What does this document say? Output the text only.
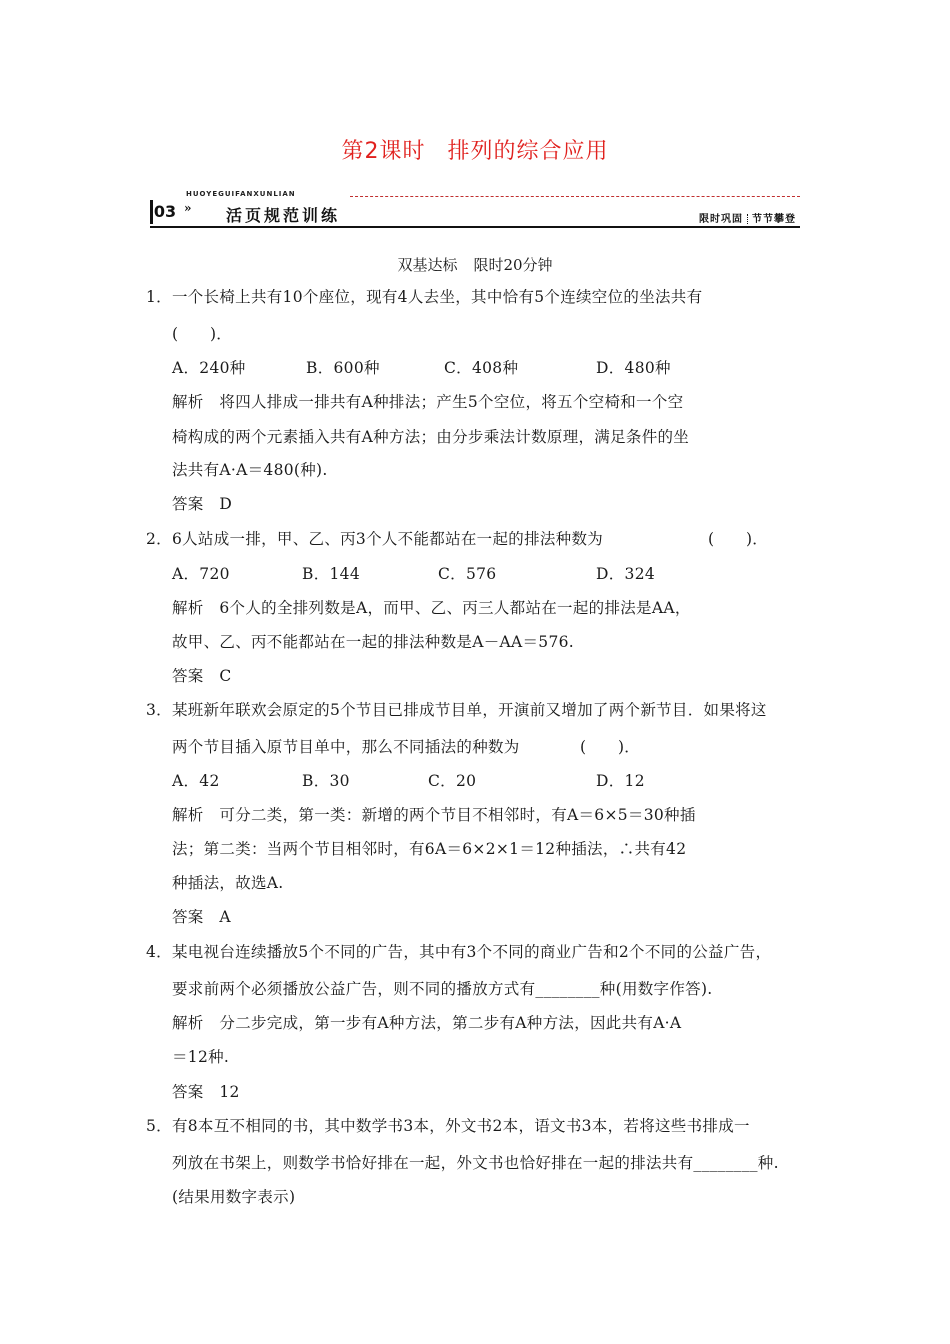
第2课时 排列的综合应用
HUOYEGUIFANXUNLIAN
03 » 活页规范训练	限时巩固 节节攀登
双基达标 限时20分钟
1．一个长椅上共有10个座位，现有4人去坐，其中恰有5个连续空位的坐法共有
(　　)．
A．240种	B．600种	C．408种	D．480种
解析　将四人排成一排共有A种排法；产生5个空位，将五个空椅和一个空
椅构成的两个元素插入共有A种方法；由分步乘法计数原理，满足条件的坐
法共有A·A＝480(种).
答案　D
2．6人站成一排，甲、乙、丙3个人不能都站在一起的排法种数为	(　　)．
A．720	B．144	C．576	D．324
解析　6个人的全排列数是A，而甲、乙、丙三人都站在一起的排法是AA，
故甲、乙、丙不能都站在一起的排法种数是A－AA＝576.
答案　C
3．某班新年联欢会原定的5个节目已排成节目单，开演前又增加了两个新节目．如果将这
两个节目插入原节目单中，那么不同插法的种数为	(　　)．
A．42	B．30	C．20	D．12
解析　可分二类，第一类：新增的两个节目不相邻时，有A＝6×5＝30种插
法；第二类：当两个节目相邻时，有6A＝6×2×1＝12种插法，∴共有42
种插法，故选A.
答案　A
4．某电视台连续播放5个不同的广告，其中有3个不同的商业广告和2个不同的公益广告，
要求前两个必须播放公益广告，则不同的播放方式有________种(用数字作答).
解析　分二步完成，第一步有A种方法，第二步有A种方法，因此共有A·A
＝12种.
答案　12
5．有8本互不相同的书，其中数学书3本，外文书2本，语文书3本，若将这些书排成一
列放在书架上，则数学书恰好排在一起，外文书也恰好排在一起的排法共有________种.
(结果用数字表示)
